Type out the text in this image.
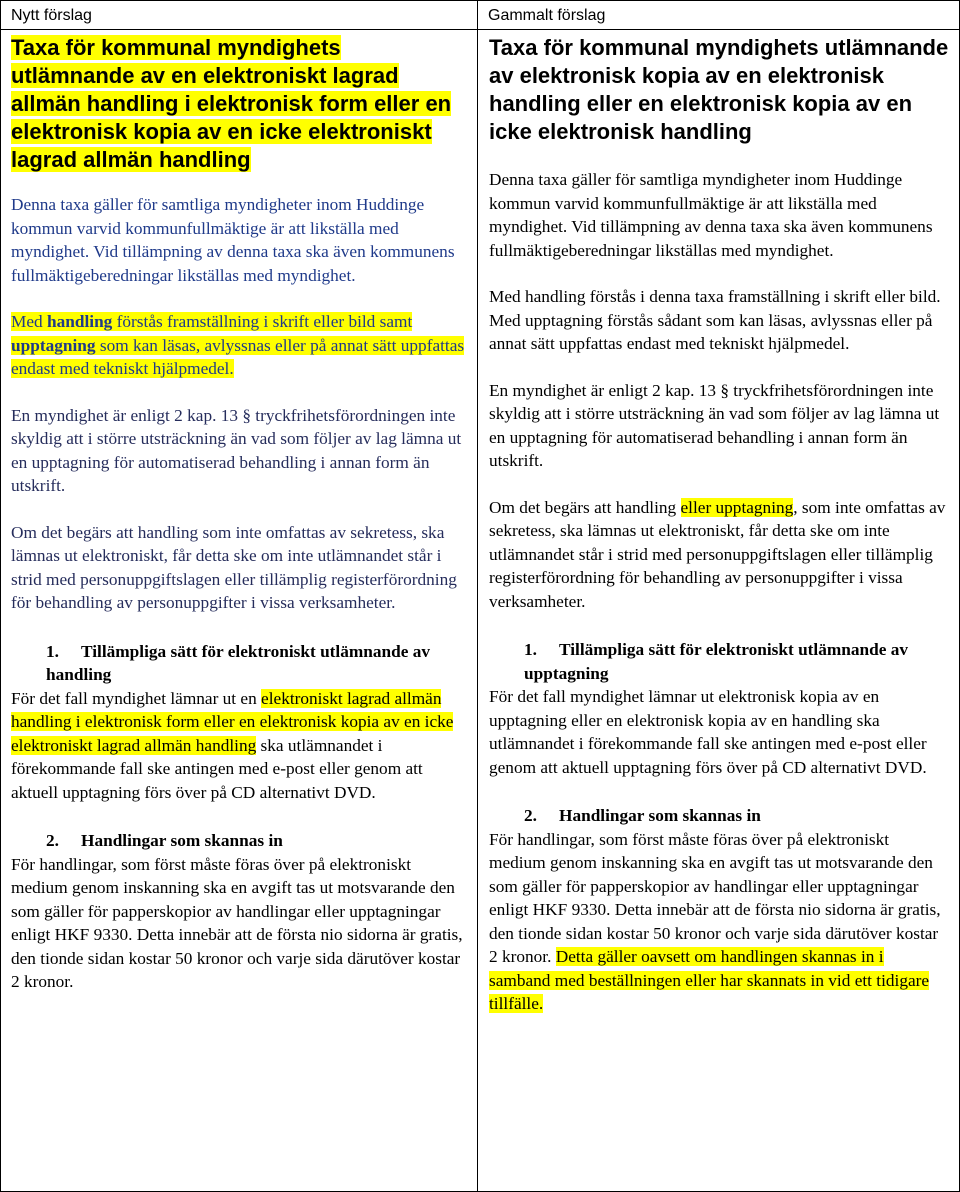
Nytt förslag

Taxa för kommunal myndighets utlämnande av en elektroniskt lagrad allmän handling i elektronisk form eller en elektronisk kopia av en icke elektroniskt lagrad allmän handling

Denna taxa gäller för samtliga myndigheter inom Huddinge kommun varvid kommunfullmäktige är att likställa med myndighet. Vid tillämpning av denna taxa ska även kommunens fullmäktigeberedningar likställas med myndighet.

Med handling förstås framställning i skrift eller bild samt upptagning som kan läsas, avlyssnas eller på annat sätt uppfattas endast med tekniskt hjälpmedel.

En myndighet är enligt 2 kap. 13 § tryckfrihetsförordningen inte skyldig att i större utsträckning än vad som följer av lag lämna ut en upptagning för automatiserad behandling i annan form än utskrift.

Om det begärs att handling som inte omfattas av sekretess, ska lämnas ut elektroniskt, får detta ske om inte utlämnandet står i strid med personuppgiftslagen eller tillämplig registerförordning för behandling av personuppgifter i vissa verksamheter.

1. Tillämpliga sätt för elektroniskt utlämnande av handling

För det fall myndighet lämnar ut en elektroniskt lagrad allmän handling i elektronisk form eller en elektronisk kopia av en icke elektroniskt lagrad allmän handling ska utlämnandet i förekommande fall ske antingen med e-post eller genom att aktuell upptagning förs över på CD alternativt DVD.

2. Handlingar som skannas in

För handlingar, som först måste föras över på elektroniskt medium genom inskanning ska en avgift tas ut motsvarande den som gäller för papperskopior av handlingar eller upptagningar enligt HKF 9330. Detta innebär att de första nio sidorna är gratis, den tionde sidan kostar 50 kronor och varje sida därutöver kostar 2 kronor.

Gammalt förslag

Taxa för kommunal myndighets utlämnande av elektronisk kopia av en elektronisk handling eller en elektronisk kopia av en icke elektronisk handling

Denna taxa gäller för samtliga myndigheter inom Huddinge kommun varvid kommunfullmäktige är att likställa med myndighet. Vid tillämpning av denna taxa ska även kommunens fullmäktigeberedningar likställas med myndighet.

Med handling förstås i denna taxa framställning i skrift eller bild. Med upptagning förstås sådant som kan läsas, avlyssnas eller på annat sätt uppfattas endast med tekniskt hjälpmedel.

En myndighet är enligt 2 kap. 13 § tryckfrihetsförordningen inte skyldig att i större utsträckning än vad som följer av lag lämna ut en upptagning för automatiserad behandling i annan form än utskrift.

Om det begärs att handling eller upptagning, som inte omfattas av sekretess, ska lämnas ut elektroniskt, får detta ske om inte utlämnandet står i strid med personuppgiftslagen eller tillämplig registerförordning för behandling av personuppgifter i vissa verksamheter.

1. Tillämpliga sätt för elektroniskt utlämnande av upptagning

För det fall myndighet lämnar ut elektronisk kopia av en upptagning eller en elektronisk kopia av en handling ska utlämnandet i förekommande fall ske antingen med e-post eller genom att aktuell upptagning förs över på CD alternativt DVD.

2. Handlingar som skannas in

För handlingar, som först måste föras över på elektroniskt medium genom inskanning ska en avgift tas ut motsvarande den som gäller för papperskopior av handlingar eller upptagningar enligt HKF 9330. Detta innebär att de första nio sidorna är gratis, den tionde sidan kostar 50 kronor och varje sida därutöver kostar 2 kronor. Detta gäller oavsett om handlingen skannas in i samband med beställningen eller har skannats in vid ett tidigare tillfälle.
